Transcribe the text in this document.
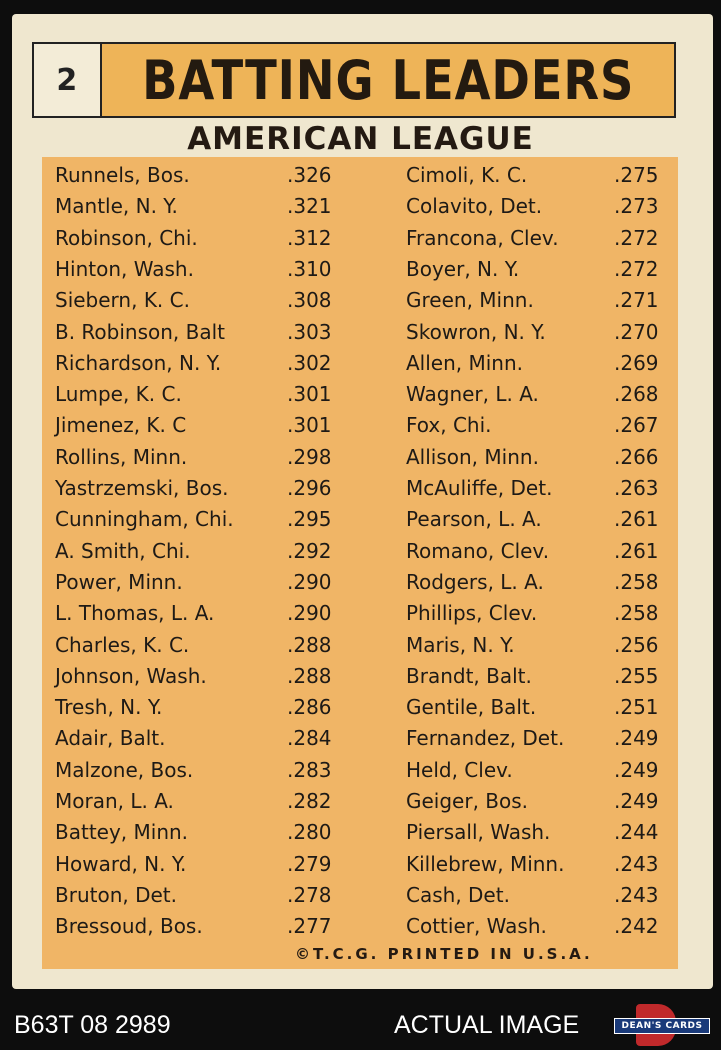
2	BATTING LEADERS
AMERICAN LEAGUE
Runnels, Bos.	.326
Mantle, N. Y.	.321
Robinson, Chi.	.312
Hinton, Wash.	.310
Siebern, K. C.	.308
B. Robinson, Balt	.303
Richardson, N. Y.	.302
Lumpe, K. C.	.301
Jimenez, K. C	.301
Rollins, Minn.	.298
Yastrzemski, Bos.	.296
Cunningham, Chi.	.295
A. Smith, Chi.	.292
Power, Minn.	.290
L. Thomas, L. A.	.290
Charles, K. C.	.288
Johnson, Wash.	.288
Tresh, N. Y.	.286
Adair, Balt.	.284
Malzone, Bos.	.283
Moran, L. A.	.282
Battey, Minn.	.280
Howard, N. Y.	.279
Bruton, Det.	.278
Bressoud, Bos.	.277
Cimoli, K. C.	.275
Colavito, Det.	.273
Francona, Clev.	.272
Boyer, N. Y.	.272
Green, Minn.	.271
Skowron, N. Y.	.270
Allen, Minn.	.269
Wagner, L. A.	.268
Fox, Chi.	.267
Allison, Minn.	.266
McAuliffe, Det.	.263
Pearson, L. A.	.261
Romano, Clev.	.261
Rodgers, L. A.	.258
Phillips, Clev.	.258
Maris, N. Y.	.256
Brandt, Balt.	.255
Gentile, Balt.	.251
Fernandez, Det. .249
Held, Clev.	.249
Geiger, Bos.	.249
Piersall, Wash.	.244
Killebrew, Minn. .243
Cash, Det.	.243
Cottier, Wash.	.242
©T.C.G. PRINTED IN U.S.A.
B63T 08 2989	ACTUAL IMAGE	DEAN'S CARDS
